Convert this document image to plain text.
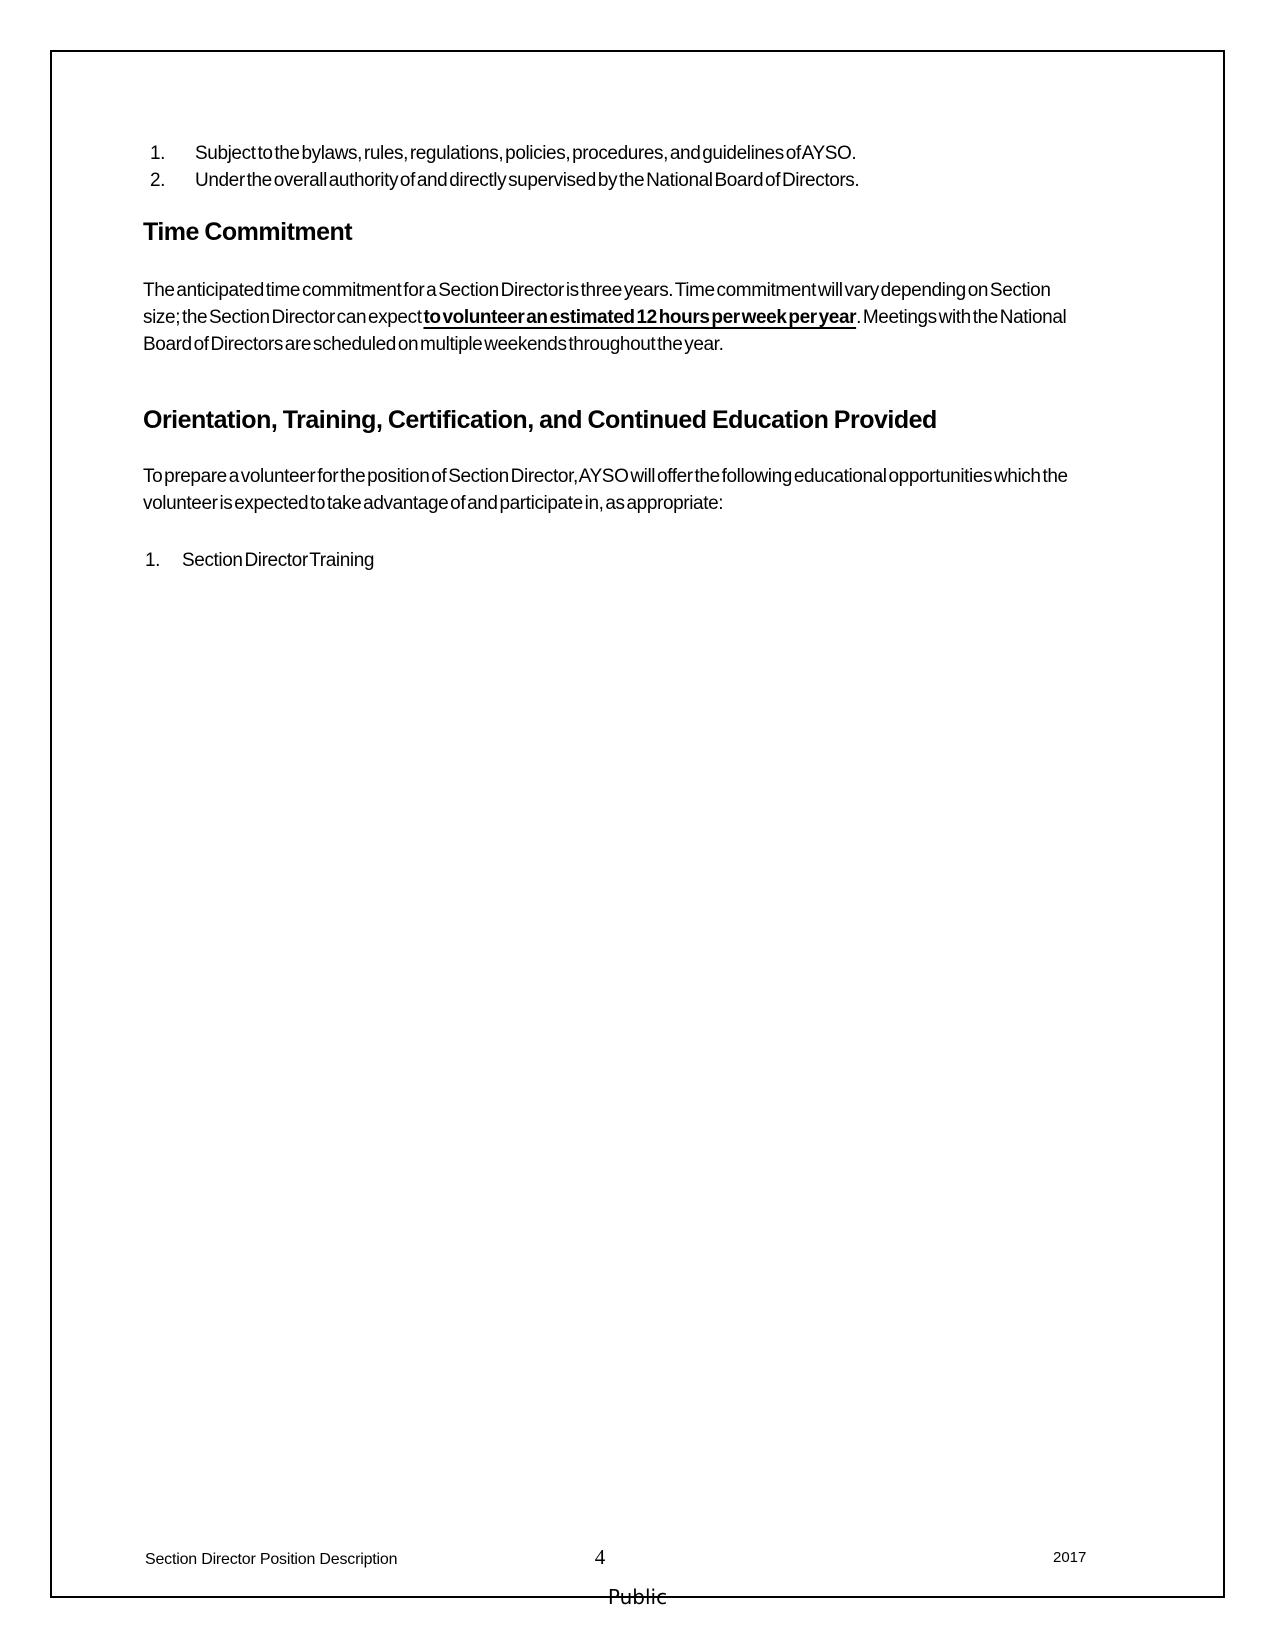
1.	Subject to the bylaws, rules, regulations, policies, procedures, and guidelines of AYSO.
2.	Under the overall authority of and directly supervised by the National Board of Directors.
Time Commitment

The anticipated time commitment for a Section Director is three years. Time commitment will vary depending on Section size; the Section Director can expect to volunteer an estimated 12 hours per week per year. Meetings with the National Board of Directors are scheduled on multiple weekends throughout the year.

Orientation, Training, Certification, and Continued Education Provided

To prepare a volunteer for the position of Section Director, AYSO will offer the following educational opportunities which the volunteer is expected to take advantage of and participate in, as appropriate:

1.	Section Director Training
Section Director Position Description	4	2017
Public
